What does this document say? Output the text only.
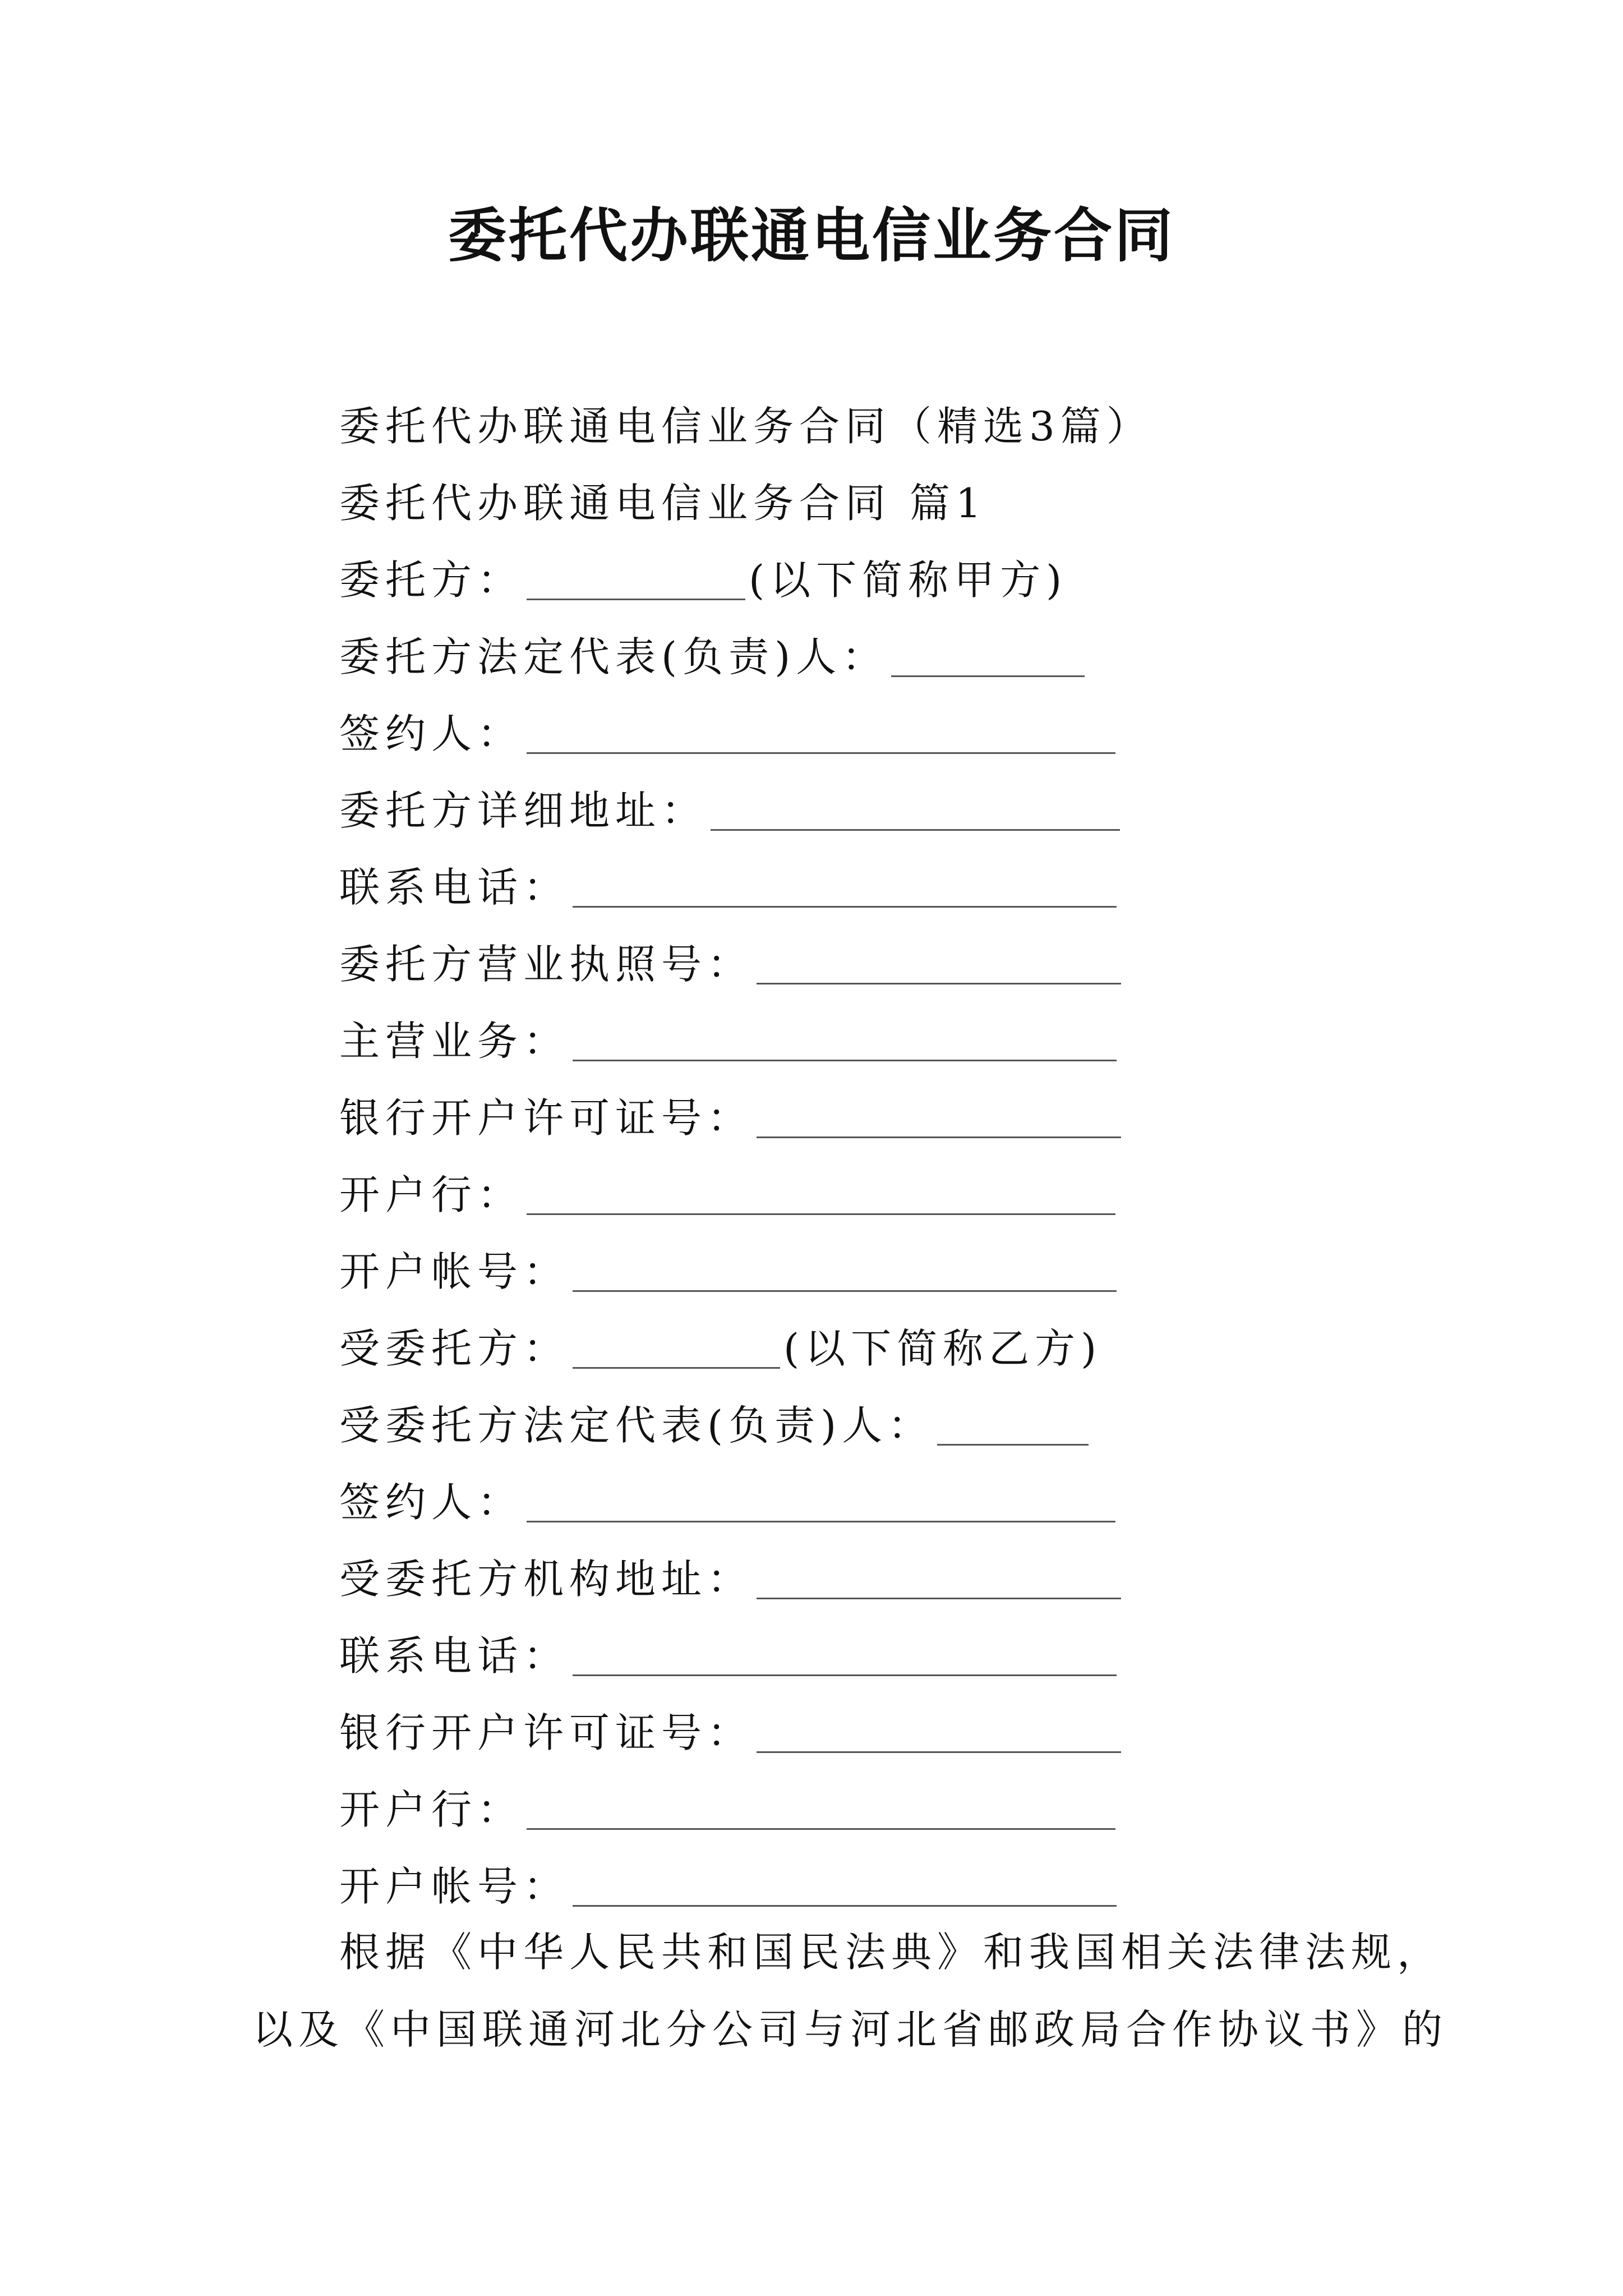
委托代办联通电信业务合同
委托代办联通电信业务合同（精选3篇）
委托代办联通电信业务合同 篇1
委托方：	(以下简称甲方)
委托方法定代表(负责)人：
签约人：
委托方详细地址：
联系电话：
委托方营业执照号：
主营业务：
银行开户许可证号：
开户行：
开户帐号：
受委托方：	(以下简称乙方)
受委托方法定代表(负责)人：
签约人：
受委托方机构地址：
联系电话：
银行开户许可证号：
开户行：
开户帐号：
根据《中华人民共和国民法典》和我国相关法律法规，
以及《中国联通河北分公司与河北省邮政局合作协议书》的
